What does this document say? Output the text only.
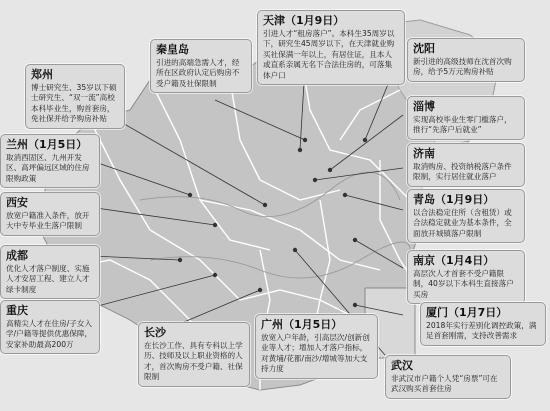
天津（1月9日）
引进人才“租房落户”。本科生35周岁以下，研究生45周岁以下，在天津就业购买社保满一年以上，有居住证，且本人或直系亲属无名下合法住房的，可落集体户口
秦皇岛
引进的高端急需人才，经所在区政府认定后购房不受户籍及社保限制
沈阳
新引进的高级技师在沈首次购房，给予5万元购房补贴
郑州
博士研究生、35岁以下硕士研究生、“双一流”高校本科毕业生，购首套房，免社保并给予购房补贴
淄博
实现高校毕业生零门槛落户，推行“先落户后就业”
兰州（1月5日）
取消西固区、九州开发区、高坪偏远区域的住房限购政策
济南
取消购房、投资纳税落户条件限制，实行居住就业落户
西安
放宽户籍准入条件，放开大中专毕业生落户限制
青岛（1月9日）
以合法稳定住所（含租赁）或合法稳定就业为基本条件，全面放开城镇落户限制
成都
优化人才落户制度、实施人才安居工程、建立人才绿卡制度
南京（1月4日）
高层次人才首套不受户籍限制，40岁以下本科生直接落户买房
重庆
高精尖人才在住房/子女入学/户籍等提供优惠保障，安家补助最高200万
厦门（1月7日）
2018年实行差别化调控政策，满足首套刚需，支持改善需求
长沙
在长沙工作、具有专科以上学历、技师及以上职业资格的人才，首次购房不受户籍、社保限制
广州（1月5日）
放宽入户年龄，引高层次/创新创业等人才；增加人才落户指标，对黄埔/花都/南沙/增城等加大支持力度	武汉
非武汉市户籍个人凭“房票”可在武汉购买首套住房
